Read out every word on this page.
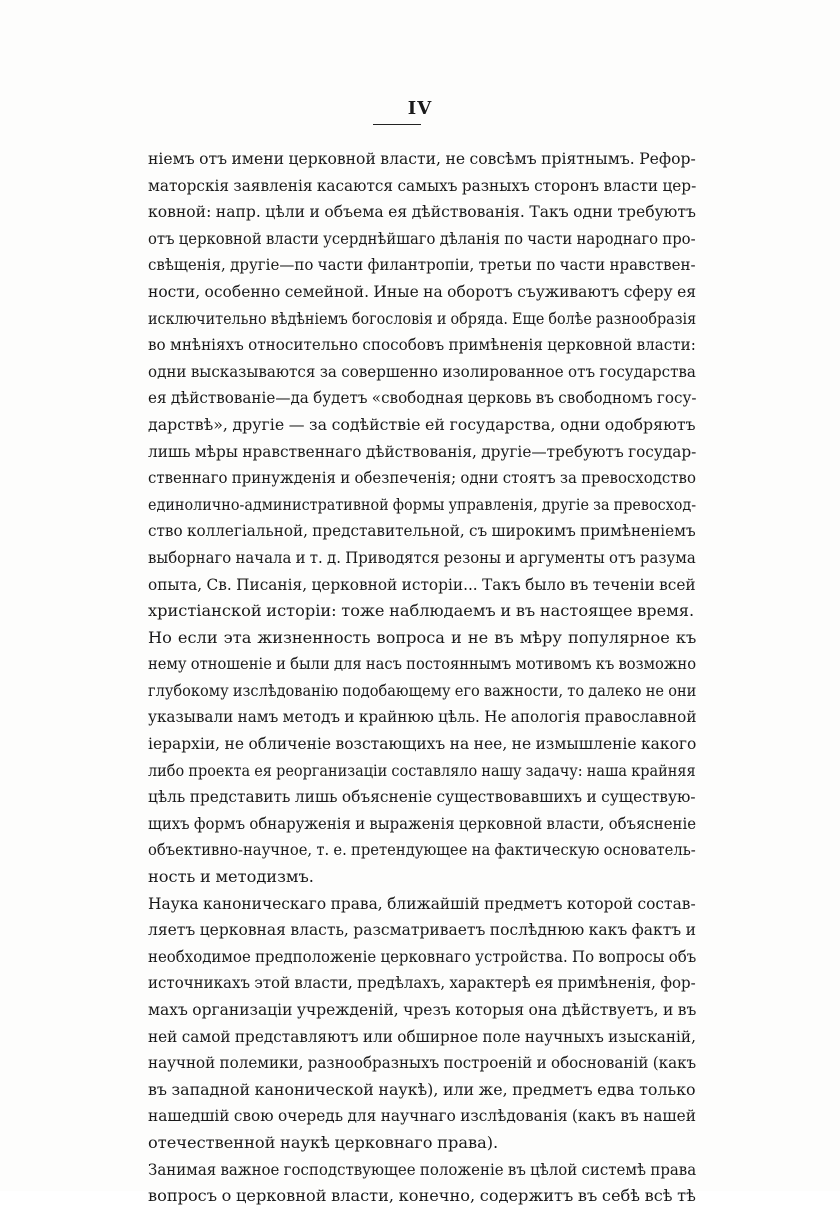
IV
ніемъ отъ имени церковной власти, не совсѣмъ пріятнымъ. Рефор-
маторскія заявленія касаются самыхъ разныхъ сторонъ власти цер-
ковной: напр. цѣли и объема ея дѣйствованія. Такъ одни требуютъ
отъ церковной власти усерднѣйшаго дѣланія по части народнаго про-
свѣщенія, другіе—по части филантропіи, третьи по части нравствен-
ности, особенно семейной. Иные на оборотъ съуживаютъ сферу ея
исключительно вѣдѣніемъ богословія и обряда. Еще болѣе разнообразія
во мнѣніяхъ относительно способовъ примѣненія церковной власти:
одни высказываются за совершенно изолированное отъ государства
ея дѣйствованіе—да будетъ «свободная церковь въ свободномъ госу-
дарствѣ», другіе — за содѣйствіе ей государства, одни одобряютъ
лишь мѣры нравственнаго дѣйствованія, другіе—требуютъ государ-
ственнаго принужденія и обезпеченія; одни стоятъ за превосходство
единолично-административной формы управленія, другіе за превосход-
ство коллегіальной, представительной, съ широкимъ примѣненіемъ
выборнаго начала и т. д. Приводятся резоны и аргументы отъ разума
опыта, Св. Писанія, церковной исторіи... Такъ было въ теченіи всей
христіанской исторіи: тоже наблюдаемъ и въ настоящее время.
Но если эта жизненность вопроса и не въ мѣру популярное къ
нему отношеніе и были для насъ постояннымъ мотивомъ къ возможно
глубокому изслѣдованію подобающему его важности, то далеко не они
указывали намъ методъ и крайнюю цѣль. Не апологія православной
іерархіи, не обличеніе возстающихъ на нее, не измышленіе какого
либо проекта ея реорганизаціи составляло нашу задачу: наша крайняя
цѣль представить лишь объясненіе существовавшихъ и существую-
щихъ формъ обнаруженія и выраженія церковной власти, объясненіе
объективно-научное, т. е. претендующее на фактическую основатель-
ность и методизмъ.
Наука каноническаго права, ближайшій предметъ которой состав-
ляетъ церковная власть, разсматриваетъ послѣднюю какъ фактъ и
необходимое предположеніе церковнаго устройства. По вопросы объ
источникахъ этой власти, предѣлахъ, характерѣ ея примѣненія, фор-
махъ организаціи учрежденій, чрезъ которыя она дѣйствуетъ, и въ
ней самой представляютъ или обширное поле научныхъ изысканій,
научной полемики, разнообразныхъ построеній и обоснованій (какъ
въ западной канонической наукѣ), или же, предметъ едва только
нашедшій свою очередь для научнаго изслѣдованія (какъ въ нашей
отечественной наукѣ церковнаго права).
Занимая важное господствующее положеніе въ цѣлой системѣ права
вопросъ о церковной власти, конечно, содержитъ въ себѣ всѣ тѣ
